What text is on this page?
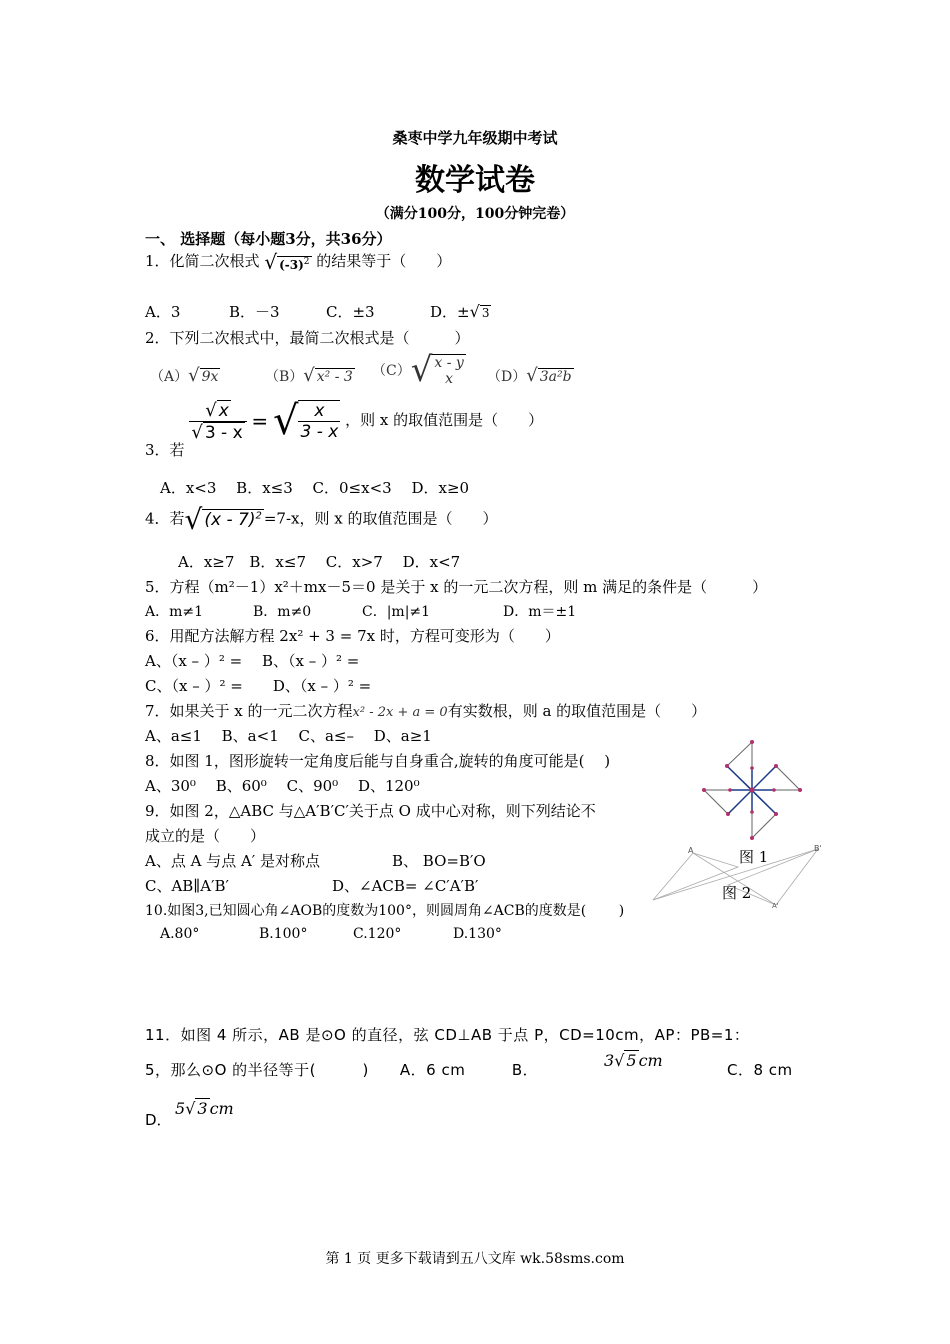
桑枣中学九年级期中考试
数学试卷
（满分100分，100分钟完卷）
一、 选择题（每小题3分，共36分）
1．化简二次根式 √ $(-3)^2$ 的结果等于（　　）
A．3	B．－3	C．±3	D．±√ 3
2．下列二次根式中，最简二次根式是（　　　）
（A）√ 9x	（B）√ x² - 3 （C）√ x - y
x	（D）√ 3a²b
3．若
$\frac{√ x}{√ 3 - x}$ = √ $\frac{x}{3 - x}$ ，则 x 的取值范围是（　　）
A．x<3　 B．x≤3　 C．0≤x<3　 D．x≥0
4．若√ (x - 7)$^2$ =7-x，则 x 的取值范围是（　　）
A．x≥7　B．x≤7　 C．x>7　 D．x<7
5．方程（m²－1）x²＋mx－5＝0 是关于 x 的一元二次方程，则 m 满足的条件是（　　　）
A．m≠1	B．m≠0	C．|m|≠1	D．m＝±1
6．用配方法解方程 2x² + 3 = 7x 时，方程可变形为（　　）
A、（x – ）² =　 B、（x – ）² =
C、（x – ）² =　　D、（x – ）² =
7．如果关于 x 的一元二次方程x² - 2x + a = 0有实数根，则 a 的取值范围是（　　）
A、a≤1　 B、a<1　 C、a≤–　 D、a≥1
8．如图 1，图形旋转一定角度后能与自身重合,旋转的角度可能是(　 )
A、30⁰　 B、60⁰　 C、90⁰　 D、120⁰
9．如图 2，△ABC 与△A′B′C′关于点 O 成中心对称，则下列结论不
成立的是（　　）
A、点 A 与点 A′ 是对称点	B、 BO=B′O
C、AB∥A′B′	D、∠ACB= ∠C′A′B′
10.如图3,已知圆心角∠AOB的度数为100°，则圆周角∠ACB的度数是(　　 )
A.80°	B.100°	C.120°	D.130°
11．如图 4 所示，AB 是⊙O 的直径，弦 CD⊥AB 于点 P，CD=10cm，AP：PB=1：
5，那么⊙O 的半径等于(　　　)　　A．6 cm　　　B．	3√ 5 cm	C．8 cm
D．
5√ 3 cm
图 1
A	B'
A'
图 2
第 1 页 更多下载请到五八文库 wk.58sms.com
